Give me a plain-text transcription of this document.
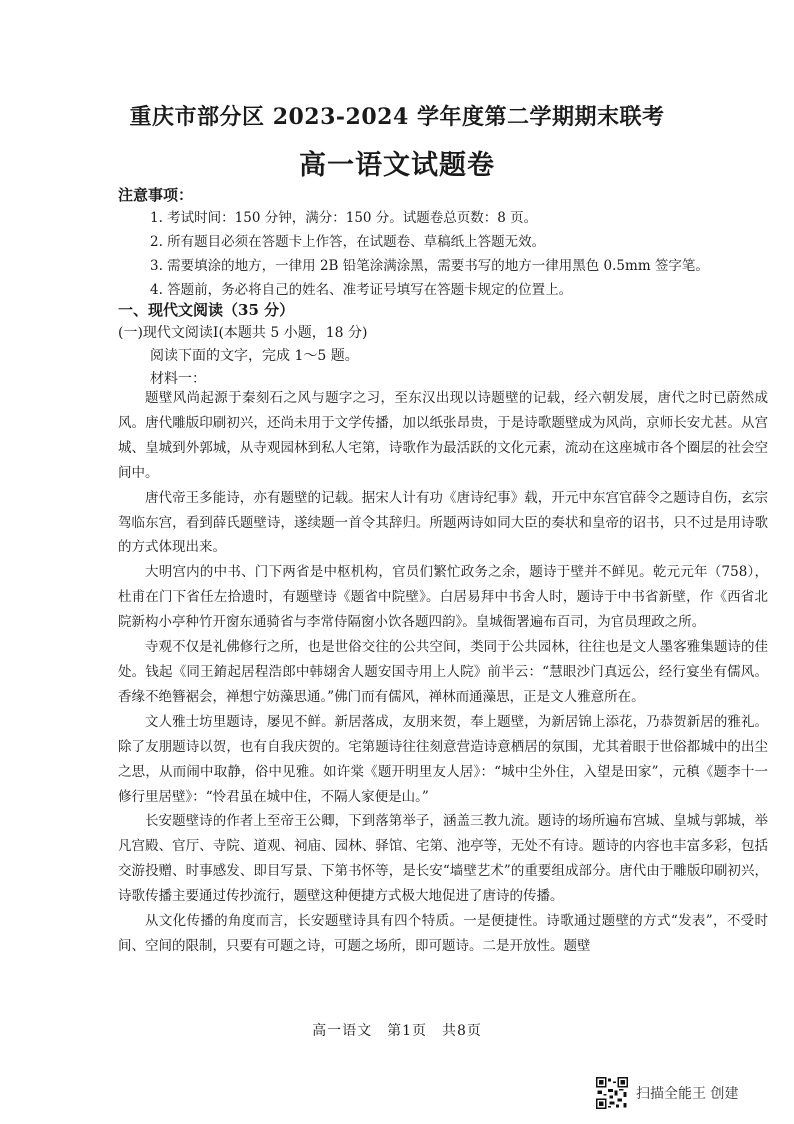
重庆市部分区 2023-2024 学年度第二学期期末联考
高一语文试题卷
注意事项：
1. 考试时间：150 分钟，满分：150 分。试题卷总页数：8 页。
2. 所有题目必须在答题卡上作答，在试题卷、草稿纸上答题无效。
3. 需要填涂的地方，一律用 2B 铅笔涂满涂黑，需要书写的地方一律用黑色 0.5mm 签字笔。
4. 答题前，务必将自己的姓名、准考证号填写在答题卡规定的位置上。
一、现代文阅读（35 分）
(一)现代文阅读Ⅰ(本题共 5 小题，18 分)
阅读下面的文字，完成 1～5 题。
材料一：

题壁风尚起源于秦刻石之风与题字之习，至东汉出现以诗题壁的记载，经六朝发展，唐代之时已蔚然成风。唐代雕版印刷初兴，还尚未用于文学传播，加以纸张昂贵，于是诗歌题壁成为风尚，京师长安尤甚。从宫城、皇城到外郭城，从寺观园林到私人宅第，诗歌作为最活跃的文化元素，流动在这座城市各个圈层的社会空间中。

唐代帝王多能诗，亦有题壁的记载。据宋人计有功《唐诗纪事》载，开元中东宫官薛令之题诗自伤，玄宗驾临东宫，看到薛氏题壁诗，遂续题一首令其辞归。所题两诗如同大臣的奏状和皇帝的诏书，只不过是用诗歌的方式体现出来。

大明宫内的中书、门下两省是中枢机构，官员们繁忙政务之余，题诗于壁并不鲜见。乾元元年（758），杜甫在门下省任左拾遗时，有题壁诗《题省中院壁》。白居易拜中书舍人时，题诗于中书省新壁，作《西省北院新构小亭种竹开窗东通骑省与李常侍隔窗小饮各题四韵》。皇城衙署遍布百司，为官员理政之所。

寺观不仅是礼佛修行之所，也是世俗交往的公共空间，类同于公共园林，往往也是文人墨客雅集题诗的佳处。钱起《同王錥起居程浩郎中韩翃舍人题安国寺用上人院》前半云：“慧眼沙门真远公，经行宴坐有儒风。香缘不绝簪裾会，禅想宁妨藻思通。”佛门而有儒风，禅林而通藻思，正是文人雅意所在。

文人雅士坊里题诗，屡见不鲜。新居落成，友朋来贺，奉上题壁，为新居锦上添花，乃恭贺新居的雅礼。除了友朋题诗以贺，也有自我庆贺的。宅第题诗往往刻意营造诗意栖居的氛围，尤其着眼于世俗都城中的出尘之思，从而闹中取静，俗中见雅。如许棠《题开明里友人居》：“城中尘外住，入望是田家”，元稹《题李十一修行里居壁》：“怜君虽在城中住，不隔人家便是山。”

长安题壁诗的作者上至帝王公卿，下到落第举子，涵盖三教九流。题诗的场所遍布宫城、皇城与郭城，举凡宫殿、官厅、寺院、道观、祠庙、园林、驿馆、宅第、池亭等，无处不有诗。题诗的内容也丰富多彩，包括交游投赠、时事感发、即目写景、下第书怀等，是长安“墙壁艺术”的重要组成部分。唐代由于雕版印刷初兴，诗歌传播主要通过传抄流行，题壁这种便捷方式极大地促进了唐诗的传播。

从文化传播的角度而言，长安题壁诗具有四个特质。一是便捷性。诗歌通过题壁的方式“发表”，不受时间、空间的限制，只要有可题之诗，可题之场所，即可题诗。二是开放性。题壁

高一语文　第1页　共8页
扫描全能王 创建
